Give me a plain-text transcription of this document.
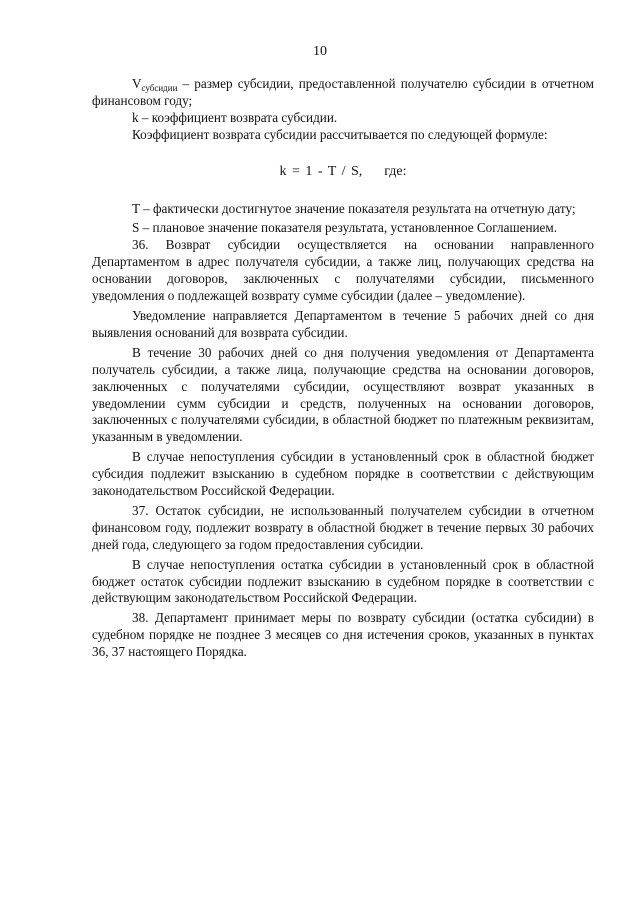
10

$V_{субсидии}$ – размер субсидии, предоставленной получателю субсидии в отчетном финансовом году;

k – коэффициент возврата субсидии.

Коэффициент возврата субсидии рассчитывается по следующей формуле:

k = 1 - T / S, где:

T – фактически достигнутое значение показателя результата на отчетную дату;

S – плановое значение показателя результата, установленное Соглашением.

36. Возврат субсидии осуществляется на основании направленного Департаментом в адрес получателя субсидии, а также лиц, получающих средства на основании договоров, заключенных с получателями субсидии, письменного уведомления о подлежащей возврату сумме субсидии (далее – уведомление).

Уведомление направляется Департаментом в течение 5 рабочих дней со дня выявления оснований для возврата субсидии.

В течение 30 рабочих дней со дня получения уведомления от Департамента получатель субсидии, а также лица, получающие средства на основании договоров, заключенных с получателями субсидии, осуществляют возврат указанных в уведомлении сумм субсидии и средств, полученных на основании договоров, заключенных с получателями субсидии, в областной бюджет по платежным реквизитам, указанным в уведомлении.

В случае непоступления субсидии в установленный срок в областной бюджет субсидия подлежит взысканию в судебном порядке в соответствии с действующим законодательством Российской Федерации.

37. Остаток субсидии, не использованный получателем субсидии в отчетном финансовом году, подлежит возврату в областной бюджет в течение первых 30 рабочих дней года, следующего за годом предоставления субсидии.

В случае непоступления остатка субсидии в установленный срок в областной бюджет остаток субсидии подлежит взысканию в судебном порядке в соответствии с действующим законодательством Российской Федерации.

38. Департамент принимает меры по возврату субсидии (остатка субсидии) в судебном порядке не позднее 3 месяцев со дня истечения сроков, указанных в пунктах 36, 37 настоящего Порядка.
